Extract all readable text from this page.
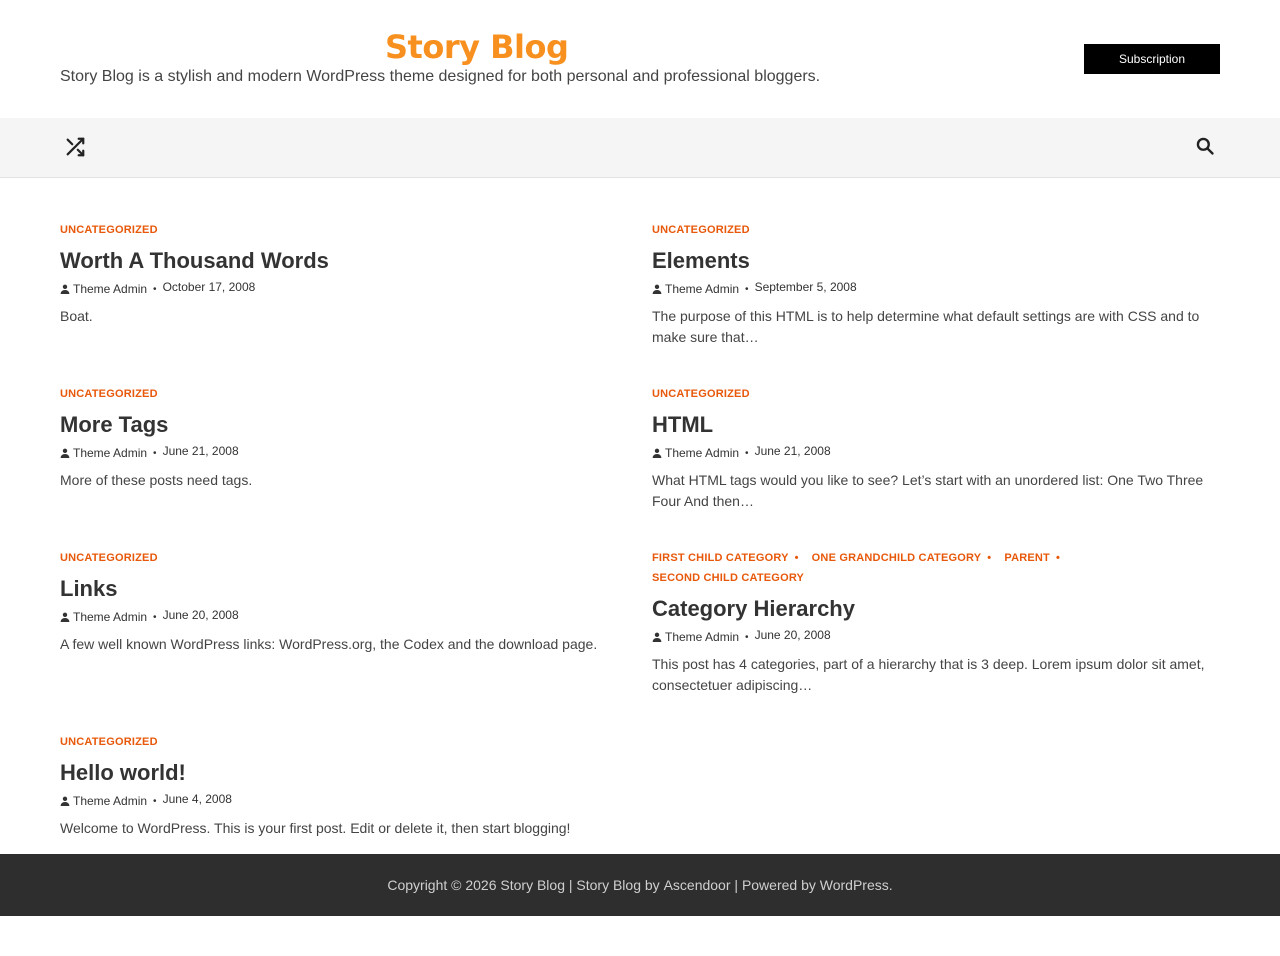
Story Blog
Story Blog is a stylish and modern WordPress theme designed for both personal and professional bloggers.
Subscription
UNCATEGORIZED
Worth A Thousand Words
Theme Admin • October 17, 2008

Boat.

UNCATEGORIZED
Elements
Theme Admin • September 5, 2008

The purpose of this HTML is to help determine what default settings are with CSS and to make sure that…

UNCATEGORIZED
More Tags
Theme Admin • June 21, 2008

More of these posts need tags.

UNCATEGORIZED
HTML
Theme Admin • June 21, 2008

What HTML tags would you like to see? Let’s start with an unordered list: One Two Three Four And then…

UNCATEGORIZED
Links
Theme Admin • June 20, 2008

A few well known WordPress links: WordPress.org, the Codex and the download page.

FIRST CHILD CATEGORY • ONE GRANDCHILD CATEGORY • PARENT •
SECOND CHILD CATEGORY
Category Hierarchy
Theme Admin • June 20, 2008

This post has 4 categories, part of a hierarchy that is 3 deep. Lorem ipsum dolor sit amet, consectetuer adipiscing…

UNCATEGORIZED
Hello world!
Theme Admin • June 4, 2008

Welcome to WordPress. This is your first post. Edit or delete it, then start blogging!

Copyright © 2026 Story Blog
|
Story Blog
by
Ascendoor
|
Powered by
WordPress .
